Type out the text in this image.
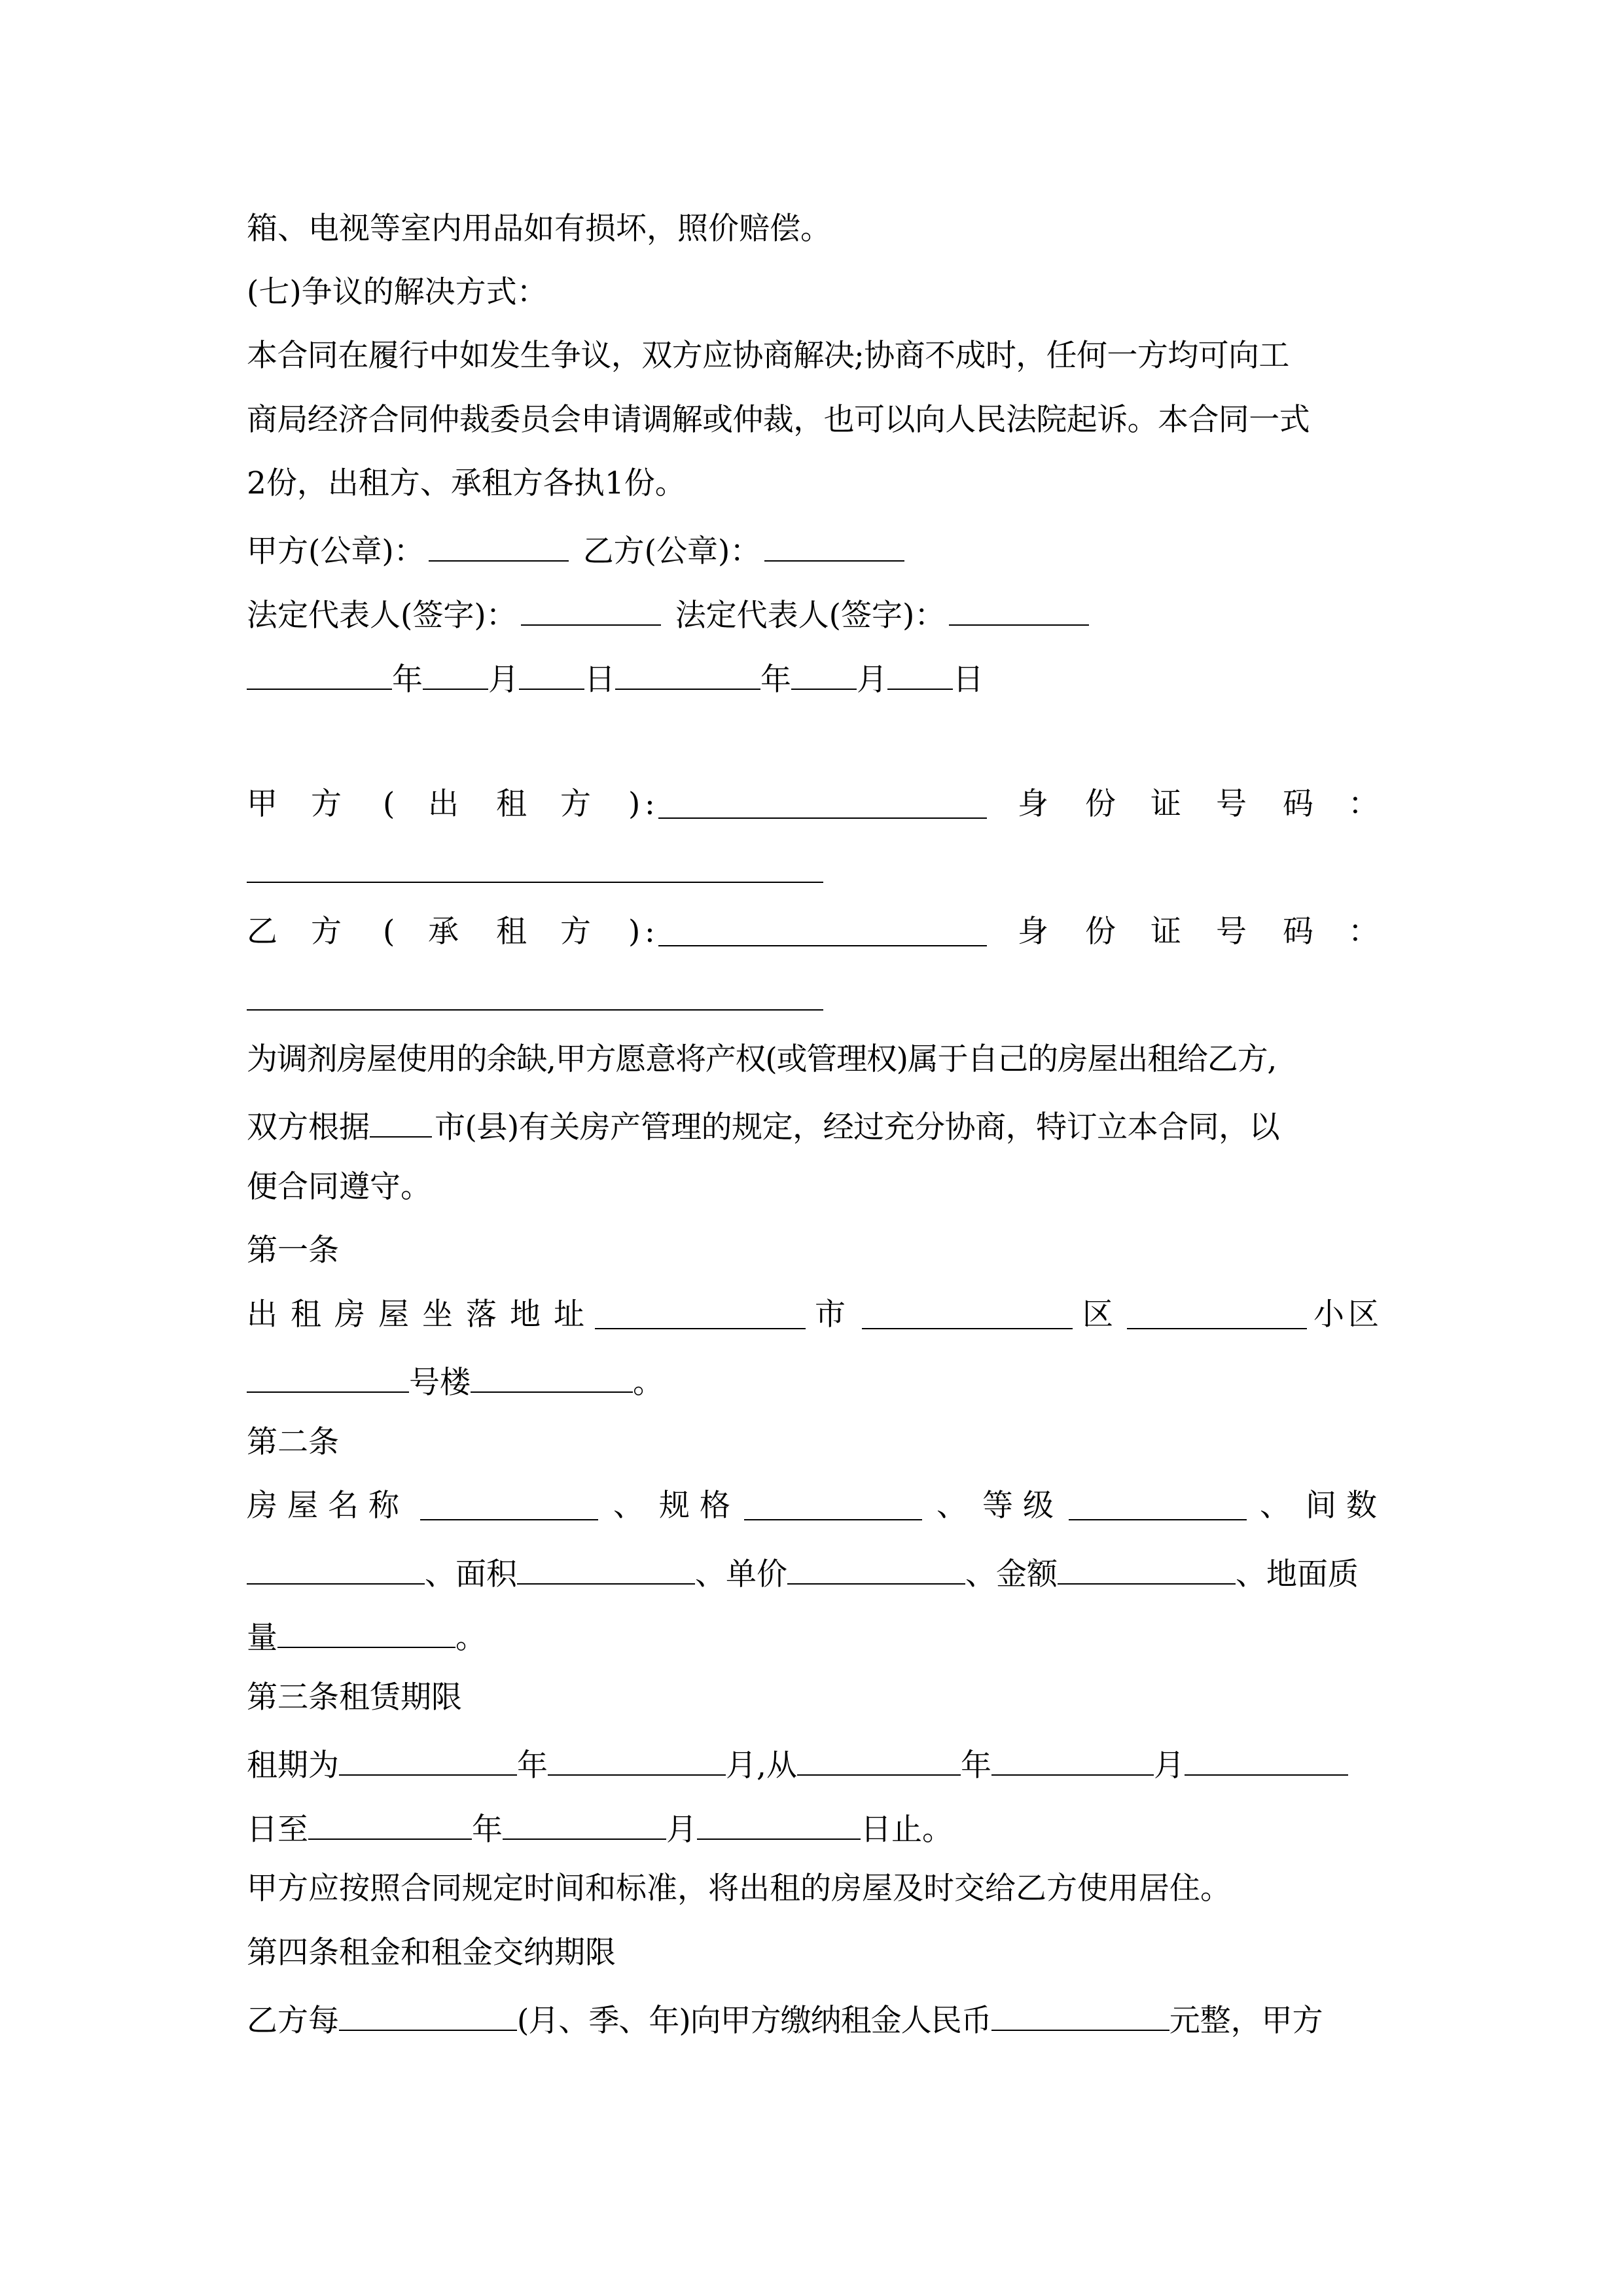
箱、电视等室内用品如有损坏，照价赔偿。
(七)争议的解决方式：
本合同在履行中如发生争议，双方应协商解决;协商不成时，任何一方均可向工
商局经济合同仲裁委员会申请调解或仲裁，也可以向人民法院起诉。本合同一式
2份，出租方、承租方各执1份。
甲方(公章)：	乙方(公章)：
法定代表人(签字)：	法定代表人(签字)：
年 月 日	年 月 日
甲 方 ( 出 租 方 ) :	身 份 证 号 码 ：
乙 方 ( 承 租 方 ) :	身 份 证 号 码 ：
为调剂房屋使用的余缺,甲方愿意将产权(或管理权)属于自己的房屋出租给乙方,
双方根据 市(县)有关房产管理的规定，经过充分协商，特订立本合同，以
便合同遵守。
第一条
出 租 房 屋 坐 落 地 址	市	区	小区
号楼	。
第二条
房 屋 名 称	、 规 格	、 等 级	、 间 数
、面积	、单价	、金额	、地面质
量	。
第三条租赁期限
租期为	年	月,从	年	月
日至	年	月	日止。
甲方应按照合同规定时间和标准，将出租的房屋及时交给乙方使用居住。
第四条租金和租金交纳期限
乙方每	(月、季、年)向甲方缴纳租金人民币	元整，甲方
